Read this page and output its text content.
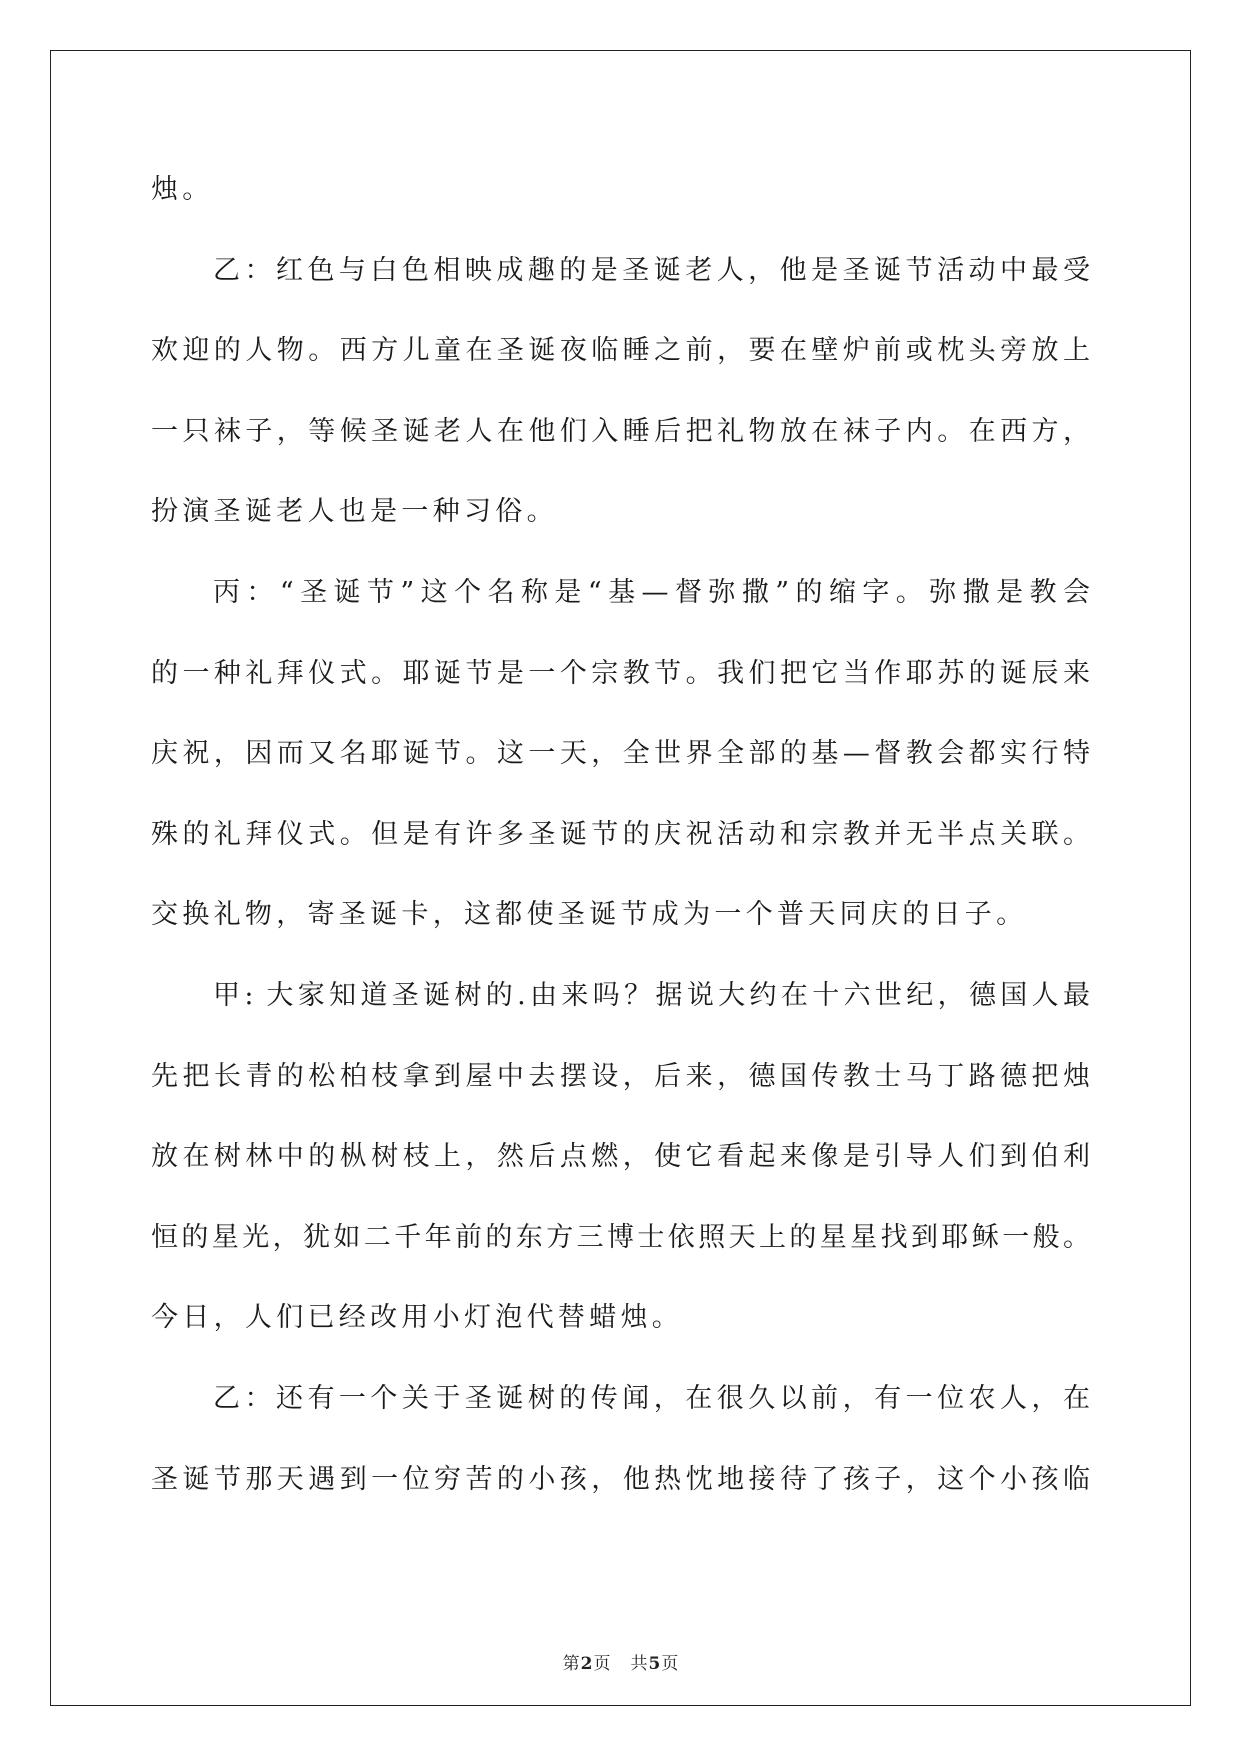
烛。
乙：红色与白色相映成趣的是圣诞老人，他是圣诞节活动中最受
欢迎的人物。西方儿童在圣诞夜临睡之前，要在壁炉前或枕头旁放上
一只袜子，等候圣诞老人在他们入睡后把礼物放在袜子内。在西方，
扮演圣诞老人也是一种习俗。
丙：“圣诞节”这个名称是“基—督弥撒”的缩字。弥撒是教会
的一种礼拜仪式。耶诞节是一个宗教节。我们把它当作耶苏的诞辰来
庆祝，因而又名耶诞节。这一天，全世界全部的基—督教会都实行特
殊的礼拜仪式。但是有许多圣诞节的庆祝活动和宗教并无半点关联。
交换礼物，寄圣诞卡，这都使圣诞节成为一个普天同庆的日子。
甲: 大家知道圣诞树的.由来吗？据说大约在十六世纪，德国人最
先把长青的松柏枝拿到屋中去摆设，后来，德国传教士马丁路德把烛
放在树林中的枞树枝上，然后点燃，使它看起来像是引导人们到伯利
恒的星光，犹如二千年前的东方三博士依照天上的星星找到耶稣一般。
今日，人们已经改用小灯泡代替蜡烛。
乙：还有一个关于圣诞树的传闻，在很久以前，有一位农人，在
圣诞节那天遇到一位穷苦的小孩，他热忱地接待了孩子，这个小孩临
第2页 共5页
